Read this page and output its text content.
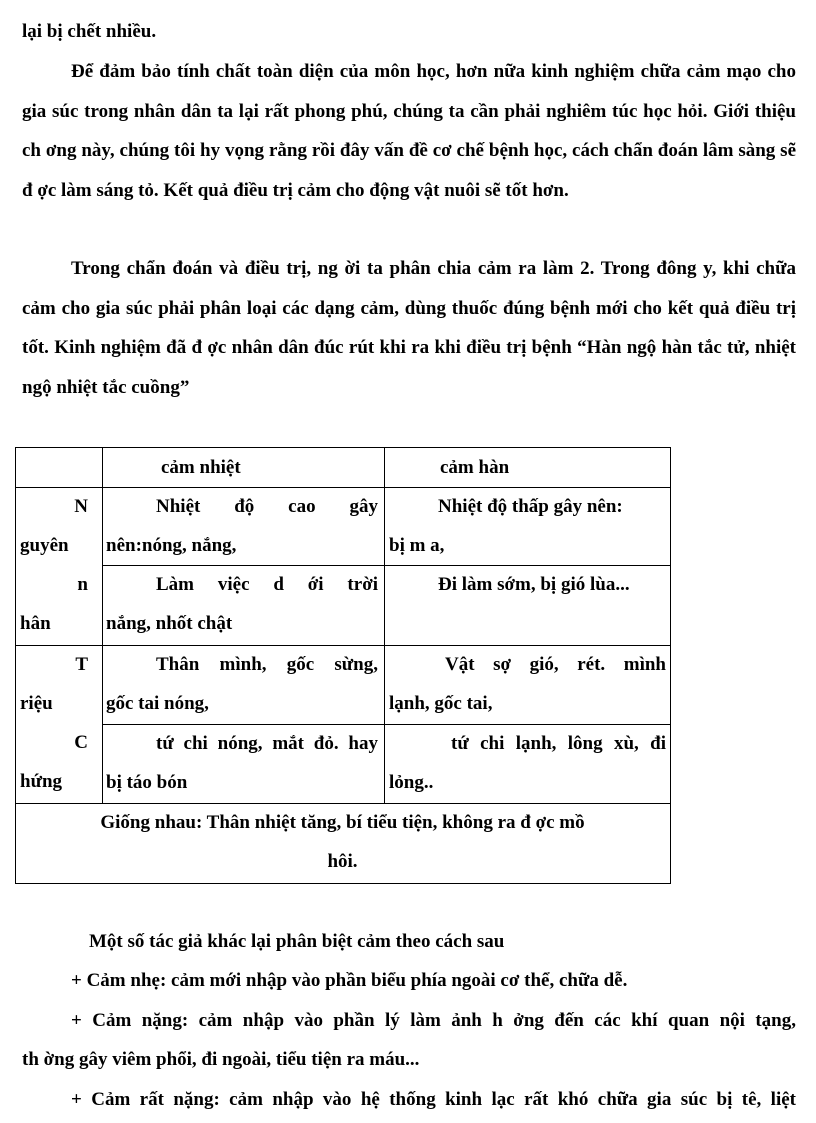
lại bị chết nhiều.

Để đảm bảo tính chất toàn diện của môn học, hơn nữa kinh nghiệm chữa cảm mạo cho gia súc trong nhân dân ta lại rất phong phú, chúng ta cần phải nghiêm túc học hỏi. Giới thiệu ch ơng này, chúng tôi hy vọng rằng rồi đây vấn đề cơ chế bệnh học, cách chẩn đoán lâm sàng sẽ đ ợc làm sáng tỏ. Kết quả điều trị cảm cho động vật nuôi sẽ tốt hơn.

Trong chẩn đoán và điều trị, ng ời ta phân chia cảm ra làm 2. Trong đông y, khi chữa cảm cho gia súc phải phân loại các dạng cảm, dùng thuốc đúng bệnh mới cho kết quả điều trị tốt. Kinh nghiệm đã đ ợc nhân dân đúc rút khi ra khi điều trị bệnh “Hàn ngộ hàn tắc tử, nhiệt ngộ nhiệt tắc cuồng”

cảm nhiệt	cảm hàn
N
guyên
n
hân
T
riệu
C
hứng
Nhiệt độ cao gây
nên:nóng, nắng,
Nhiệt độ thấp gây nên:
bị m a,
Làm việc d ới trời
nắng, nhốt chật
Đi làm sớm, bị gió lùa...
Thân mình, gốc sừng,
gốc tai nóng,
Vật sợ gió, rét. mình
lạnh, gốc tai,
tứ chi nóng, mắt đỏ. hay
bị táo bón
tứ chi lạnh, lông xù, đi
lỏng..
Giống nhau: Thân nhiệt tăng, bí tiểu tiện, không ra đ ợc mồ
hôi.

Một số tác giả khác lại phân biệt cảm theo cách sau

+ Cảm nhẹ: cảm mới nhập vào phần biểu phía ngoài cơ thể, chữa dễ.

+ Cảm nặng: cảm nhập vào phần lý làm ảnh h ởng đến các khí quan nội tạng,

th ờng gây viêm phổi, đi ngoài, tiểu tiện ra máu...

+ Cảm rất nặng: cảm nhập vào hệ thống kinh lạc rất khó chữa gia súc bị tê, liệt
